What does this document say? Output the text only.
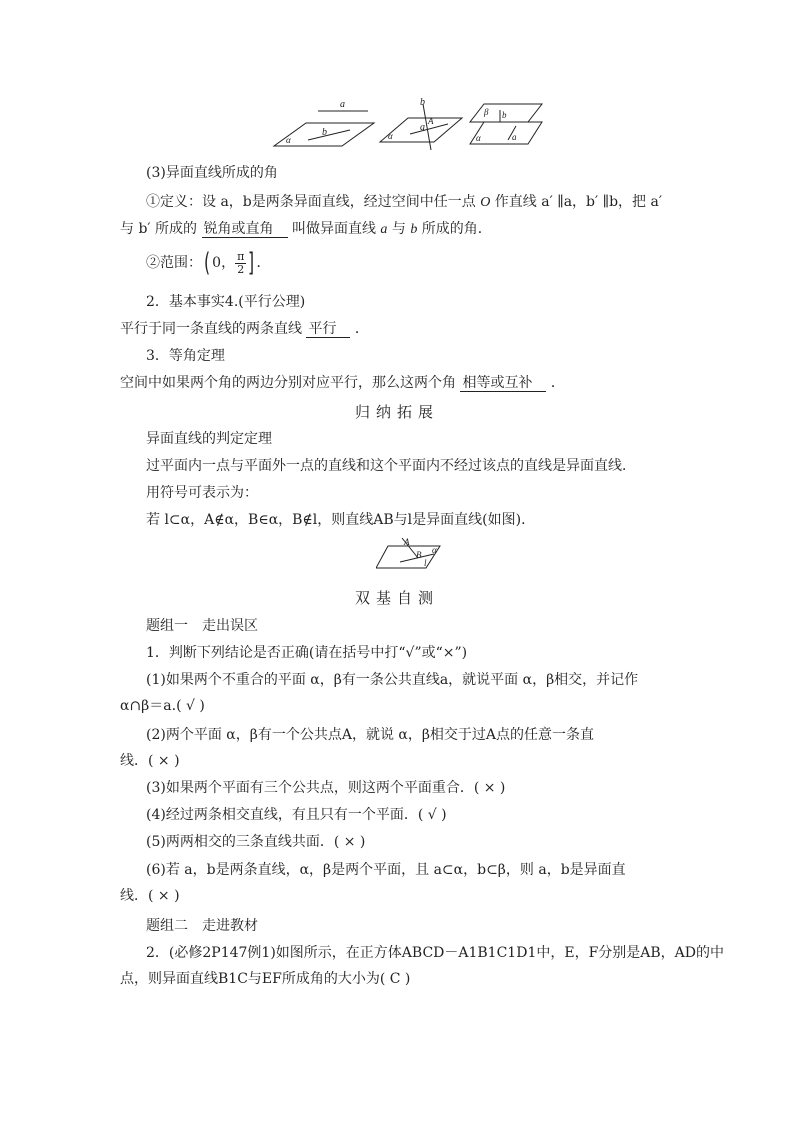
a
b
α
b
a
A
α
β b
a
α
(3)异面直线所成的角
①定义：设 a，b是两条异面直线，经过空间中任一点 O 作直线 a′ ∥a，b′ ∥b，把 a′
与 b′ 所成的 锐角或直角 叫做异面直线 a 与 b 所成的角．
②范围：( 0， $\frac{\pi}{2}$ ] ．
2．基本事实4.(平行公理)
平行于同一条直线的两条直线 平行 ．
3．等角定理
空间中如果两个角的两边分别对应平行，那么这两个角 相等或互补 ．
归纳拓展
异面直线的判定定理
过平面内一点与平面外一点的直线和这个平面内不经过该点的直线是异面直线．
用符号可表示为：
若 l⊂α，A∉α，B∈α，B∉l，则直线AB与l是异面直线(如图)．
A
B
l
α
双基自测
题组一　走出误区
1．判断下列结论是否正确(请在括号中打“√”或“×”)
(1)如果两个不重合的平面 α，β有一条公共直线a，就说平面 α，β相交，并记作
α∩β＝a.( √ )
(2)两个平面 α，β有一个公共点A，就说 α，β相交于过A点的任意一条直
线．( × )
(3)如果两个平面有三个公共点，则这两个平面重合．( × )
(4)经过两条相交直线，有且只有一个平面．( √ )
(5)两两相交的三条直线共面．( × )
(6)若 a，b是两条直线，α，β是两个平面，且 a⊂α，b⊂β，则 a，b是异面直
线．( × )
题组二　走进教材
2．(必修2P147例1)如图所示，在正方体ABCD－A1B1C1D1中，E，F分别是AB，AD的中
点，则异面直线B1C与EF所成角的大小为( C )
